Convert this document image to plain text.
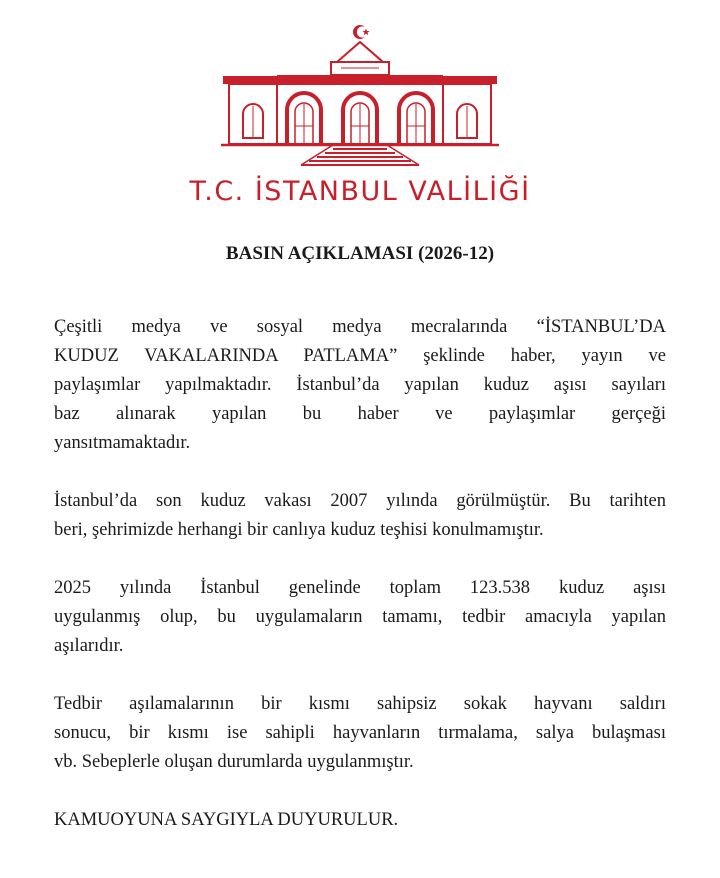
T.C. İSTANBUL VALİLİĞİ
BASIN AÇIKLAMASI (2026-12)

Çeşitli medya ve sosyal medya mecralarında “İSTANBUL’DA
KUDUZ VAKALARINDA PATLAMA” şeklinde haber, yayın ve
paylaşımlar yapılmaktadır. İstanbul’da yapılan kuduz aşısı sayıları
baz alınarak yapılan bu haber ve paylaşımlar gerçeği
yansıtmamaktadır.

İstanbul’da son kuduz vakası 2007 yılında görülmüştür. Bu tarihten
beri, şehrimizde herhangi bir canlıya kuduz teşhisi konulmamıştır.

2025 yılında İstanbul genelinde toplam 123.538 kuduz aşısı
uygulanmış olup, bu uygulamaların tamamı, tedbir amacıyla yapılan
aşılarıdır.

Tedbir aşılamalarının bir kısmı sahipsiz sokak hayvanı saldırı
sonucu, bir kısmı ise sahipli hayvanların tırmalama, salya bulaşması
vb. Sebeplerle oluşan durumlarda uygulanmıştır.

KAMUOYUNA SAYGIYLA DUYURULUR.
